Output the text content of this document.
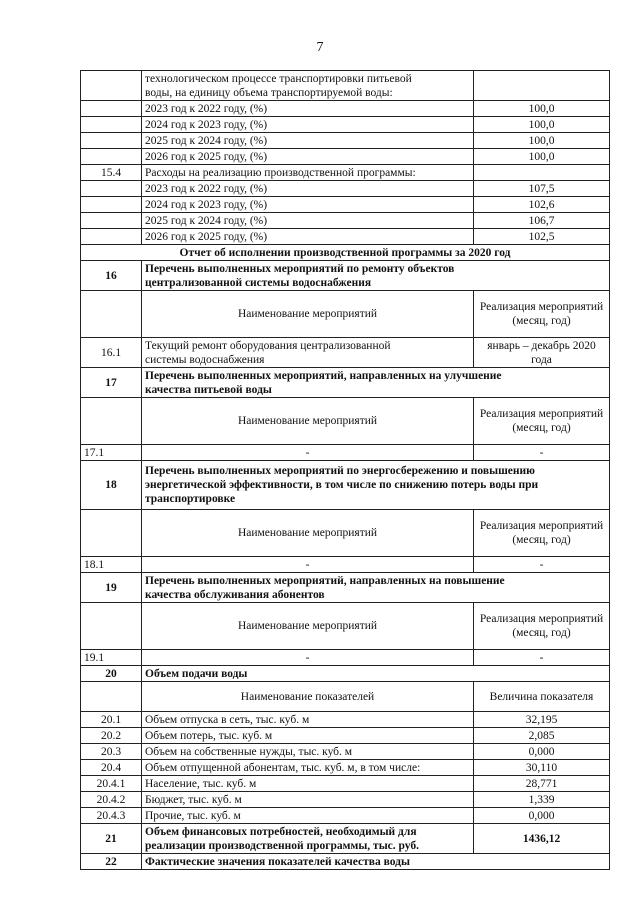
7

	технологическом процессе транспортировки питьевой
воды, на единицу объема транспортируемой воды:	

	2023 год к 2022 году, (%)	100,0
	2024 год к 2023 году, (%)	100,0
	2025 год к 2024 году, (%)	100,0
	2026 год к 2025 году, (%)	100,0
15.4	Расходы на реализацию производственной программы:	
	2023 год к 2022 году, (%)	107,5
	2024 год к 2023 году, (%)	102,6
	2025 год к 2024 году, (%)	106,7
	2026 год к 2025 году, (%)	102,5
Отчет об исполнении производственной программы за 2020 год		
16	Перечень выполненных мероприятий по ремонту объектов
централизованной системы водоснабжения	

	Наименование мероприятий	Реализация мероприятий (месяц, год)
16.1	Текущий ремонт оборудования централизованной
системы водоснабжения	январь – декабрь 2020 года
17	Перечень выполненных мероприятий, направленных на улучшение
качества питьевой воды	

	Наименование мероприятий	Реализация мероприятий (месяц, год)
17.1	-	-
18	Перечень выполненных мероприятий по энергосбережению и повышению
энергетической эффективности, в том числе по снижению потерь воды при
транспортировке	

	Наименование мероприятий	Реализация мероприятий (месяц, год)
18.1	-	-
19	Перечень выполненных мероприятий, направленных на повышение
качества обслуживания абонентов	

	Наименование мероприятий	Реализация мероприятий (месяц, год)
19.1	-	-
20	Объем подачи воды	
	Наименование показателей	Величина показателя
20.1	Объем отпуска в сеть, тыс. куб. м	32,195
20.2	Объем потерь, тыс. куб. м	2,085
20.3	Объем на собственные нужды, тыс. куб. м	0,000
20.4	Объем отпущенной абонентам, тыс. куб. м, в том числе:	30,110
20.4.1	Население, тыс. куб. м	28,771
20.4.2	Бюджет, тыс. куб. м	1,339
20.4.3	Прочие, тыс. куб. м	0,000
21	Объем финансовых потребностей, необходимый для
реализации производственной программы, тыс. руб.	1436,12
22	Фактические значения показателей качества воды	
